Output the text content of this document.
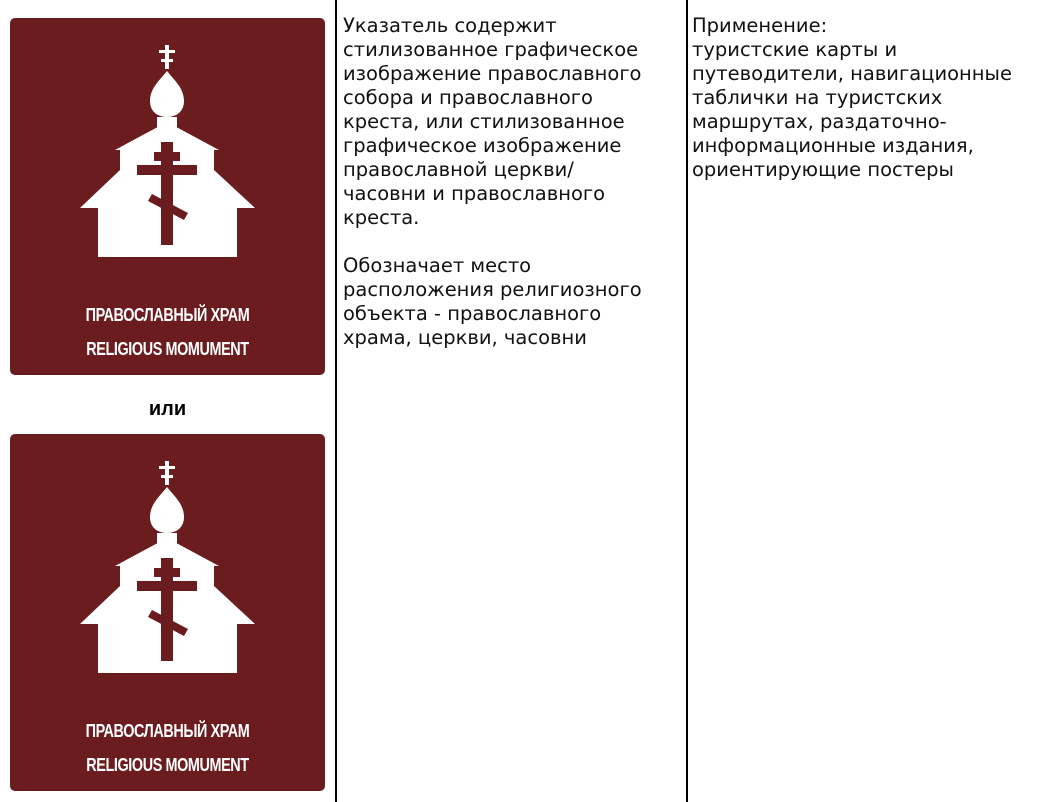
ПРАВОСЛАВНЫЙ ХРАМ
RELIGIOUS MOMUMENT
или
ПРАВОСЛАВНЫЙ ХРАМ
RELIGIOUS MOMUMENT

Указатель содержит
стилизованное графическое
изображение православного
собора и православного
креста, или стилизованное
графическое изображение
православной церкви/
часовни и православного
креста.

Обозначает место
расположения религиозного
объекта - православного
храма, церкви, часовни

Применение:
туристские карты и
путеводители, навигационные
таблички на туристских
маршрутах, раздаточно-
информационные издания,
ориентирующие постеры
